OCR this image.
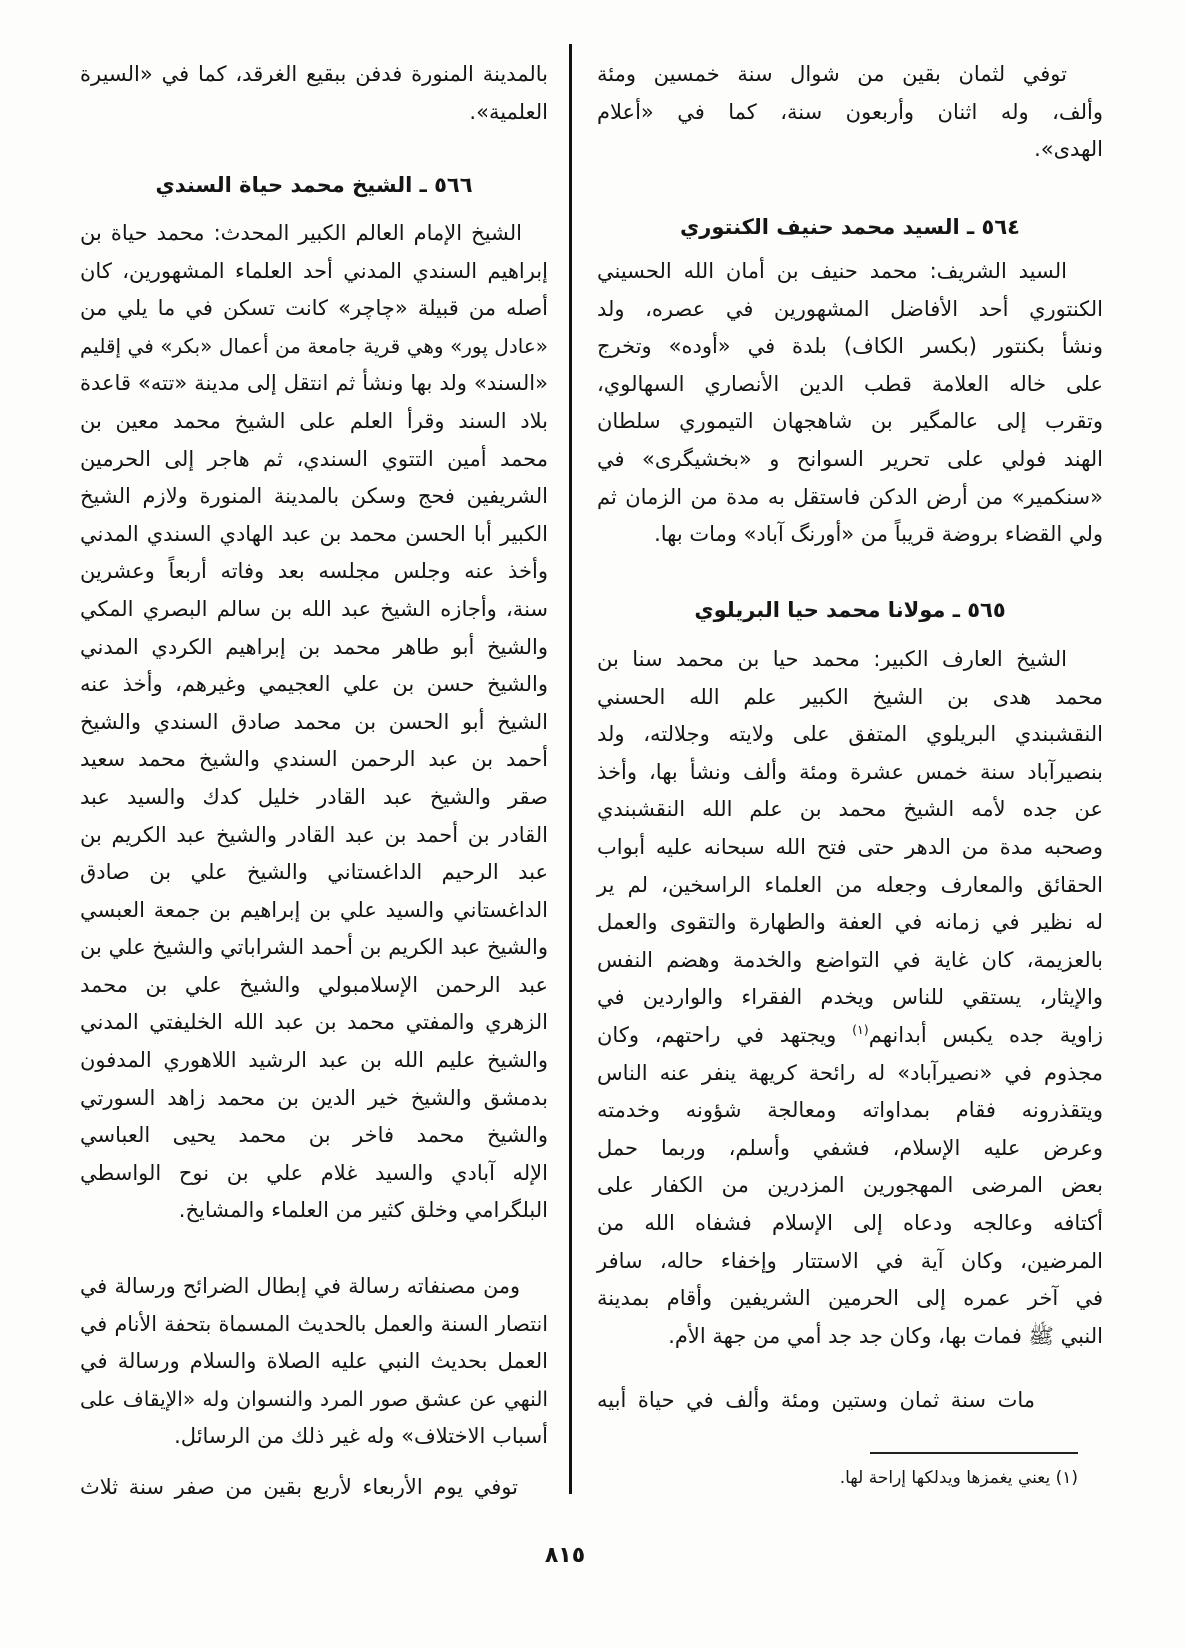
توفي لثمان بقين من شوال سنة خمسين ومئة
وألف، وله اثنان وأربعون سنة، كما في «أعلام
الهدى».
٥٦٤ ـ السيد محمد حنيف الكنتوري
السيد الشريف: محمد حنيف بن أمان الله الحسيني
الكنتوري أحد الأفاضل المشهورين في عصره، ولد
ونشأ بكنتور (بكسر الكاف) بلدة في «أوده» وتخرج
على خاله العلامة قطب الدين الأنصاري السهالوي،
وتقرب إلى عالمگير بن شاهجهان التيموري سلطان
الهند فولي على تحرير السوانح و «بخشيگرى» في
«سنكمير» من أرض الدكن فاستقل به مدة من الزمان ثم
ولي القضاء بروضة قريباً من «أورنگ آباد» ومات بها.
٥٦٥ ـ مولانا محمد حيا البريلوي
الشيخ العارف الكبير: محمد حيا بن محمد سنا بن
محمد هدى بن الشيخ الكبير علم الله الحسني
النقشبندي البريلوي المتفق على ولايته وجلالته، ولد
بنصيرآباد سنة خمس عشرة ومئة وألف ونشأ بها، وأخذ
عن جده لأمه الشيخ محمد بن علم الله النقشبندي
وصحبه مدة من الدهر حتى فتح الله سبحانه عليه أبواب
الحقائق والمعارف وجعله من العلماء الراسخين، لم ير
له نظير في زمانه في العفة والطهارة والتقوى والعمل
بالعزيمة، كان غاية في التواضع والخدمة وهضم النفس
والإيثار، يستقي للناس ويخدم الفقراء والواردين في
زاوية جده يكبس أبدانهم$^{(١)}$ ويجتهد في راحتهم، وكان
مجذوم في «نصيرآباد» له رائحة كريهة ينفر عنه الناس
ويتقذرونه فقام بمداواته ومعالجة شؤونه وخدمته
وعرض عليه الإسلام، فشفي وأسلم، وربما حمل
بعض المرضى المهجورين المزدرين من الكفار على
أكتافه وعالجه ودعاه إلى الإسلام فشفاه الله من
المرضين، وكان آية في الاستتار وإخفاء حاله، سافر
في آخر عمره إلى الحرمين الشريفين وأقام بمدينة
النبي ﷺ فمات بها، وكان جد جد أمي من جهة الأم.
مات سنة ثمان وستين ومئة وألف في حياة أبيه
بالمدينة المنورة فدفن ببقيع الغرقد، كما في «السيرة
العلمية».
٥٦٦ ـ الشيخ محمد حياة السندي
الشيخ الإمام العالم الكبير المحدث: محمد حياة بن
إبراهيم السندي المدني أحد العلماء المشهورين، كان
أصله من قبيلة «چاچر» كانت تسكن في ما يلي من
«عادل پور» وهي قرية جامعة من أعمال «بكر» في إقليم
«السند» ولد بها ونشأ ثم انتقل إلى مدينة «تته» قاعدة
بلاد السند وقرأ العلم على الشيخ محمد معين بن
محمد أمين التتوي السندي، ثم هاجر إلى الحرمين
الشريفين فحج وسكن بالمدينة المنورة ولازم الشيخ
الكبير أبا الحسن محمد بن عبد الهادي السندي المدني
وأخذ عنه وجلس مجلسه بعد وفاته أربعاً وعشرين
سنة، وأجازه الشيخ عبد الله بن سالم البصري المكي
والشيخ أبو طاهر محمد بن إبراهيم الكردي المدني
والشيخ حسن بن علي العجيمي وغيرهم، وأخذ عنه
الشيخ أبو الحسن بن محمد صادق السندي والشيخ
أحمد بن عبد الرحمن السندي والشيخ محمد سعيد
صقر والشيخ عبد القادر خليل كدك والسيد عبد
القادر بن أحمد بن عبد القادر والشيخ عبد الكريم بن
عبد الرحيم الداغستاني والشيخ علي بن صادق
الداغستاني والسيد علي بن إبراهيم بن جمعة العبسي
والشيخ عبد الكريم بن أحمد الشراباتي والشيخ علي بن
عبد الرحمن الإسلامبولي والشيخ علي بن محمد
الزهري والمفتي محمد بن عبد الله الخليفتي المدني
والشيخ عليم الله بن عبد الرشيد اللاهوري المدفون
بدمشق والشيخ خير الدين بن محمد زاهد السورتي
والشيخ محمد فاخر بن محمد يحيى العباسي
الإله آبادي والسيد غلام علي بن نوح الواسطي
البلگرامي وخلق كثير من العلماء والمشايخ.
ومن مصنفاته رسالة في إبطال الضرائح ورسالة في
انتصار السنة والعمل بالحديث المسماة بتحفة الأنام في
العمل بحديث النبي عليه الصلاة والسلام ورسالة في
النهي عن عشق صور المرد والنسوان وله «الإيقاف على
أسباب الاختلاف» وله غير ذلك من الرسائل.
توفي يوم الأربعاء لأربع بقين من صفر سنة ثلاث	(١) يعني يغمزها ويدلكها إراحة لها.
٨١٥
